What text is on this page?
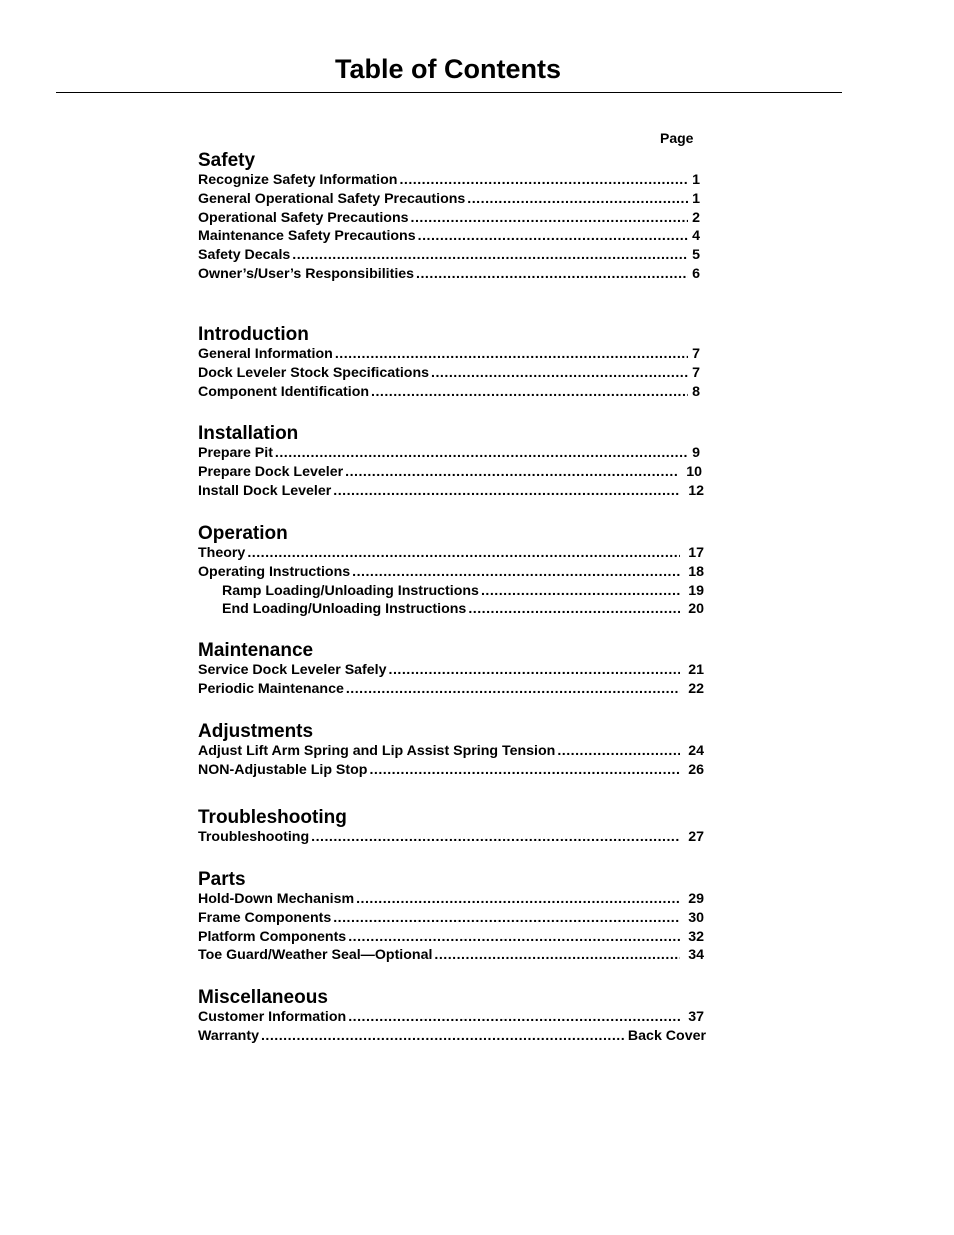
Table of Contents
Page
Safety
Recognize Safety Information .....	1
General Operational Safety Precautions .....	1
Operational Safety Precautions .....	2
Maintenance Safety Precautions .....	4
Safety Decals .....	5
Owner’s/User’s Responsibilities .....	6
Introduction
General Information .....	7
Dock Leveler Stock Specifications .....	7
Component Identification .....	8
Installation
Prepare Pit .....	9
Prepare Dock Leveler .....	10
Install Dock Leveler .....	12
Operation
Theory .....	17
Operating Instructions .....	18
Ramp Loading/Unloading Instructions .....	19
End Loading/Unloading Instructions .....	20
Maintenance
Service Dock Leveler Safely .....	21
Periodic Maintenance .....	22
Adjustments
Adjust Lift Arm Spring and Lip Assist Spring Tension .....	24
NON-Adjustable Lip Stop .....	26
Troubleshooting
Troubleshooting .....	27
Parts
Hold-Down Mechanism .....	29
Frame Components .....	30
Platform Components .....	32
Toe Guard/Weather Seal—Optional .....	34
Miscellaneous
Customer Information .....	37
Warranty .....	Back Cover
